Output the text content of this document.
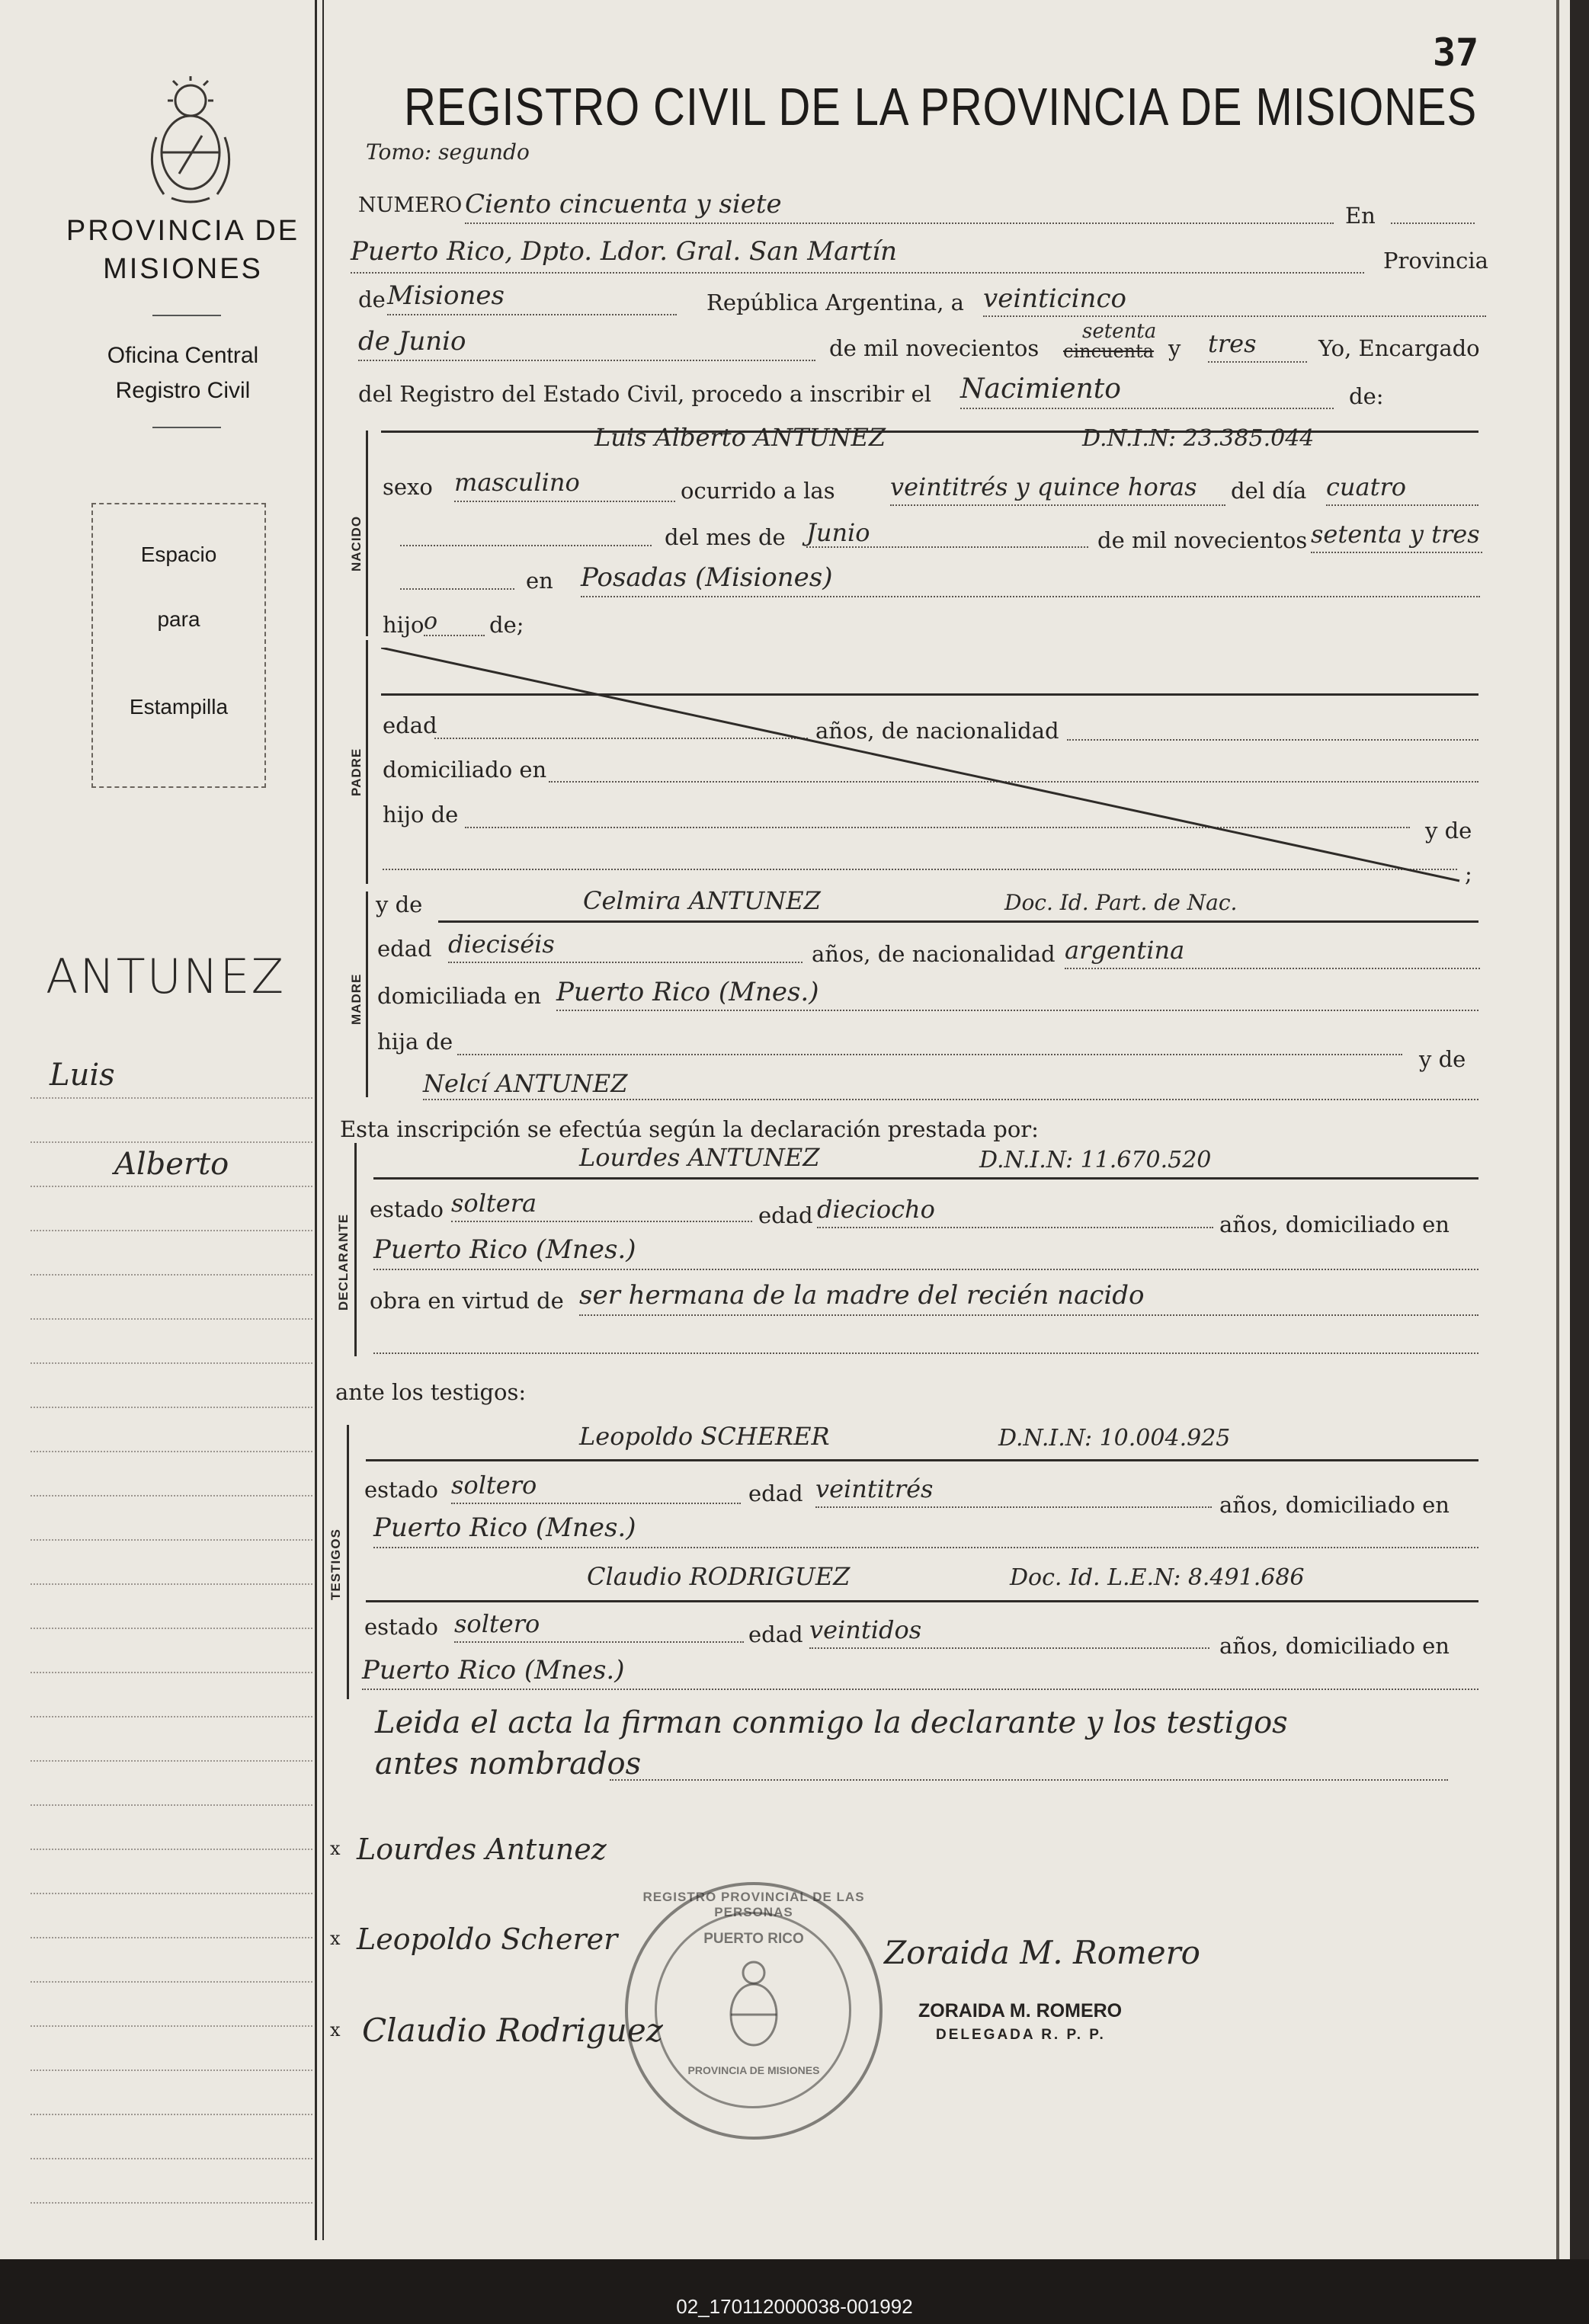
PROVINCIA DE
MISIONES
Oficina Central
Registro Civil
Espacio
para
Estampilla
ANTUNEZ
Luis
Alberto
37
REGISTRO CIVIL DE LA PROVINCIA DE MISIONES
Tomo: segundo
NUMERO Ciento cincuenta y siete	En
Puerto Rico, Dpto. Ldor. Gral. San Martín	Provincia
de Misiones	República Argentina, a veinticinco
de Junio	de mil novecientos
setenta
cincuenta y tres	Yo, Encargado
del Registro del Estado Civil, procedo a inscribir el Nacimiento	de:
NACIDO
Luis Alberto ANTUNEZ	D.N.I.N: 23.385.044
sexo masculino	ocurrido a las veintitrés y quince horas del día cuatro
del mes de Junio	de mil novecientos setenta y tres
en Posadas (Misiones)
hijo o de;
PADRE
edad	años, de nacionalidad
domiciliado en
hijo de
y de
;
MADRE
y de	Celmira ANTUNEZ	Doc. Id. Part. de Nac.
edad dieciséis	años, de nacionalidad argentina
domiciliada en Puerto Rico (Mnes.)
hija de
y de
Nelcí ANTUNEZ
Esta inscripción se efectúa según la declaración prestada por:
DECLARANTE
Lourdes ANTUNEZ	D.N.I.N: 11.670.520
estado soltera	edad dieciocho
años, domiciliado en
Puerto Rico (Mnes.)
obra en virtud de ser hermana de la madre del recién nacido
ante los testigos:
TESTIGOS
Leopoldo SCHERER	D.N.I.N: 10.004.925
estado soltero	edad veintitrés
años, domiciliado en
Puerto Rico (Mnes.)
Claudio RODRIGUEZ	Doc. Id. L.E.N: 8.491.686
estado soltero	edad veintidos
años, domiciliado en
Puerto Rico (Mnes.)
Leida el acta la firman conmigo la declarante y los testigos
antes nombrados
x Lourdes Antunez
x Leopoldo Scherer
x Claudio Rodriguez
Zoraida M. Romero
ZORAIDA M. ROMERO
DELEGADA R. P. P.
REGISTRO PROVINCIAL DE LAS PERSONAS
PUERTO RICO
PROVINCIA DE MISIONES
02_170112000038-001992
